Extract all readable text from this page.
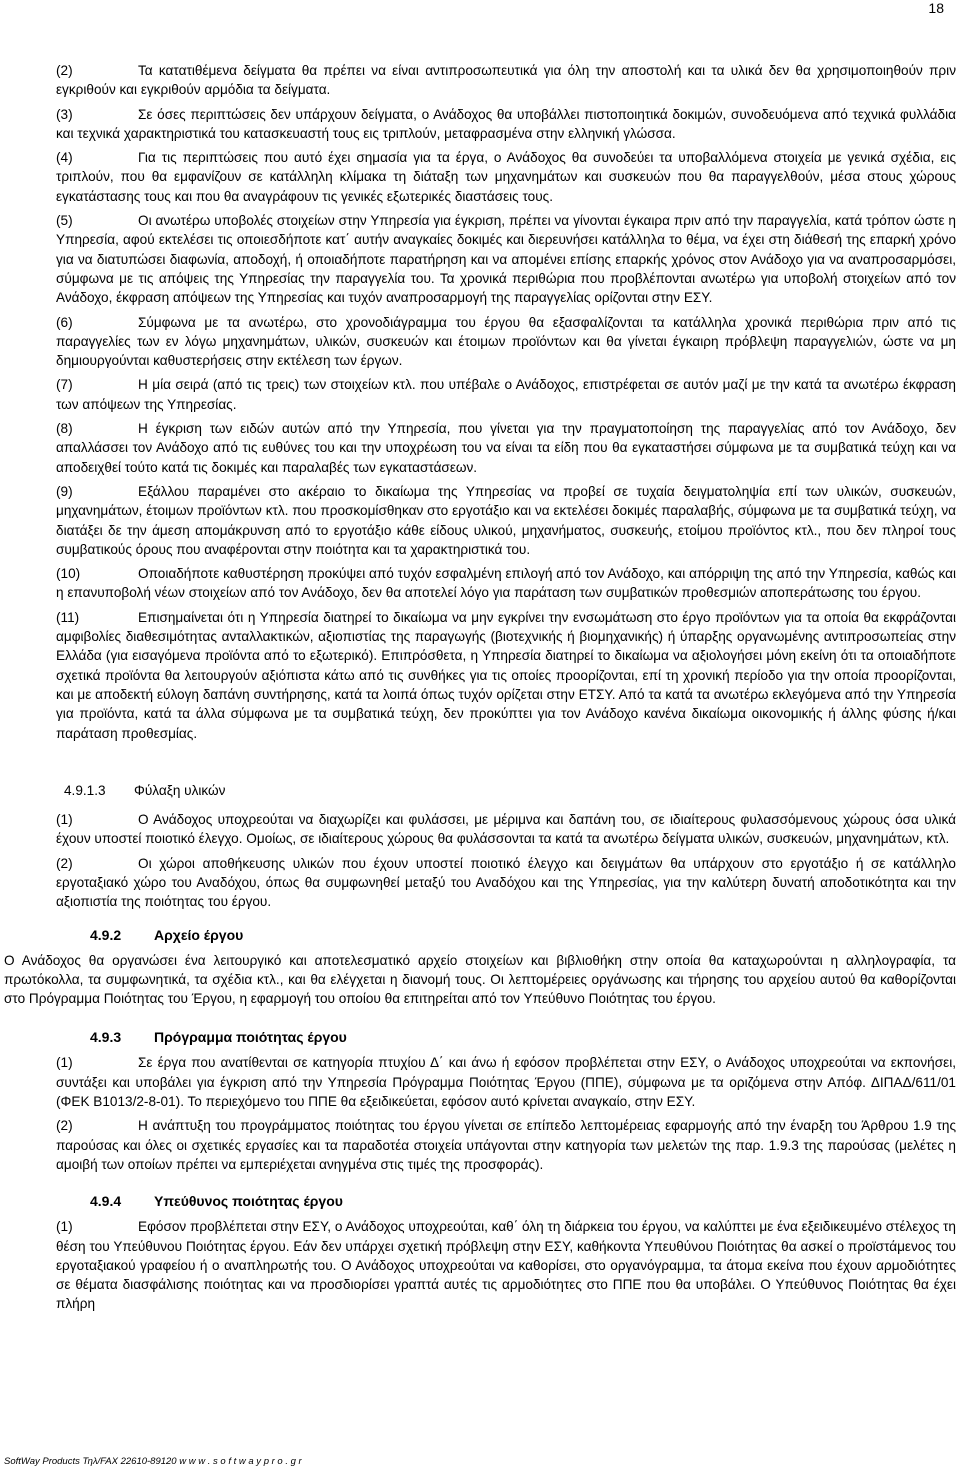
18

(2)	Τα κατατιθέμενα δείγματα θα πρέπει να είναι αντιπροσωπευτικά για όλη την αποστολή και τα υλικά δεν θα χρησιμοποιηθούν πριν εγκριθούν και εγκριθούν αρμόδια τα δείγματα.

(3)	Σε όσες περιπτώσεις δεν υπάρχουν δείγματα, ο Ανάδοχος θα υποβάλλει πιστοποιητικά δοκιμών, συνοδευόμενα από τεχνικά φυλλάδια και τεχνικά χαρακτηριστικά του κατασκευαστή τους εις τριπλούν, μεταφρασμένα στην ελληνική γλώσσα.

(4)	Για τις περιπτώσεις που αυτό έχει σημασία για τα έργα, ο Ανάδοχος θα συνοδεύει τα υποβαλλόμενα στοιχεία με γενικά σχέδια, εις τριπλούν, που θα εμφανίζουν σε κατάλληλη κλίμακα τη διάταξη των μηχανημάτων και συσκευών που θα παραγγελθούν, μέσα στους χώρους εγκατάστασης τους και που θα αναγράφουν τις γενικές εξωτερικές διαστάσεις τους.

(5)	Οι ανωτέρω υποβολές στοιχείων στην Υπηρεσία για έγκριση, πρέπει να γίνονται έγκαιρα πριν από την παραγγελία, κατά τρόπον ώστε η Υπηρεσία, αφού εκτελέσει τις οποιεσδήποτε κατ΄ αυτήν αναγκαίες δοκιμές και διερευνήσει κατάλληλα το θέμα, να έχει στη διάθεσή της επαρκή χρόνο για να διατυπώσει διαφωνία, αποδοχή, ή οποιαδήποτε παρατήρηση και να απομένει επίσης επαρκής χρόνος στον Ανάδοχο για να αναπροσαρμόσει, σύμφωνα με τις απόψεις της Υπηρεσίας την παραγγελία του. Τα χρονικά περιθώρια που προβλέπονται ανωτέρω για υποβολή στοιχείων από τον Ανάδοχο, έκφραση απόψεων της Υπηρεσίας και τυχόν αναπροσαρμογή της παραγγελίας ορίζονται στην ΕΣΥ.

(6)	Σύμφωνα με τα ανωτέρω, στο χρονοδιάγραμμα του έργου θα εξασφαλίζονται τα κατάλληλα χρονικά περιθώρια πριν από τις παραγγελίες των εν λόγω μηχανημάτων, υλικών, συσκευών και έτοιμων προϊόντων και θα γίνεται έγκαιρη πρόβλεψη παραγγελιών, ώστε να μη δημιουργούνται καθυστερήσεις στην εκτέλεση των έργων.

(7)	Η μία σειρά (από τις τρεις) των στοιχείων κτλ. που υπέβαλε ο Ανάδοχος, επιστρέφεται σε αυτόν μαζί με την κατά τα ανωτέρω έκφραση των απόψεων της Υπηρεσίας.

(8)	Η έγκριση των ειδών αυτών από την Υπηρεσία, που γίνεται για την πραγματοποίηση της παραγγελίας από τον Ανάδοχο, δεν απαλλάσσει τον Ανάδοχο από τις ευθύνες του και την υποχρέωση του να είναι τα είδη που θα εγκαταστήσει σύμφωνα με τα συμβατικά τεύχη και να αποδειχθεί τούτο κατά τις δοκιμές και παραλαβές των εγκαταστάσεων.

(9)	Εξάλλου παραμένει στο ακέραιο το δικαίωμα της Υπηρεσίας να προβεί σε τυχαία δειγματοληψία επί των υλικών, συσκευών, μηχανημάτων, έτοιμων προϊόντων κτλ. που προσκομίσθηκαν στο εργοτάξιο και να εκτελέσει δοκιμές παραλαβής, σύμφωνα με τα συμβατικά τεύχη, να διατάξει δε την άμεση απομάκρυνση από το εργοτάξιο κάθε είδους υλικού, μηχανήματος, συσκευής, ετοίμου προϊόντος κτλ., που δεν πληροί τους συμβατικούς όρους που αναφέρονται στην ποιότητα και τα χαρακτηριστικά του.

(10)	Οποιαδήποτε καθυστέρηση προκύψει από τυχόν εσφαλμένη επιλογή από τον Ανάδοχο, και απόρριψη της από την Υπηρεσία, καθώς και η επανυποβολή νέων στοιχείων από τον Ανάδοχο, δεν θα αποτελεί λόγο για παράταση των συμβατικών προθεσμιών αποπεράτωσης του έργου.

(11)	Επισημαίνεται ότι η Υπηρεσία διατηρεί το δικαίωμα να μην εγκρίνει την ενσωμάτωση στο έργο προϊόντων για τα οποία θα εκφράζονται αμφιβολίες διαθεσιμότητας ανταλλακτικών, αξιοπιστίας της παραγωγής (βιοτεχνικής ή βιομηχανικής) ή ύπαρξης οργανωμένης αντιπροσωπείας στην Ελλάδα (για εισαγόμενα προϊόντα από το εξωτερικό). Επιπρόσθετα, η Υπηρεσία διατηρεί το δικαίωμα να αξιολογήσει μόνη εκείνη ότι τα οποιαδήποτε σχετικά προϊόντα θα λειτουργούν αξιόπιστα κάτω από τις συνθήκες για τις οποίες προορίζονται, επί τη χρονική περίοδο για την οποία προορίζονται, και με αποδεκτή εύλογη δαπάνη συντήρησης, κατά τα λοιπά όπως τυχόν ορίζεται στην ΕΤΣΥ. Από τα κατά τα ανωτέρω εκλεγόμενα από την Υπηρεσία για προϊόντα, κατά τα άλλα σύμφωνα με τα συμβατικά τεύχη, δεν προκύπτει για τον Ανάδοχο κανένα δικαίωμα οικονομικής ή άλλης φύσης ή/και παράταση προθεσμίας.

4.9.1.3 Φύλαξη υλικών

(1)	Ο Ανάδοχος υποχρεούται να διαχωρίζει και φυλάσσει, με μέριμνα και δαπάνη του, σε ιδιαίτερους φυλασσόμενους χώρους όσα υλικά έχουν υποστεί ποιοτικό έλεγχο. Ομοίως, σε ιδιαίτερους χώρους θα φυλάσσονται τα κατά τα ανωτέρω δείγματα υλικών, συσκευών, μηχανημάτων, κτλ.

(2)	Οι χώροι αποθήκευσης υλικών που έχουν υποστεί ποιοτικό έλεγχο και δειγμάτων θα υπάρχουν στο εργοτάξιο ή σε κατάλληλο εργοταξιακό χώρο του Αναδόχου, όπως θα συμφωνηθεί μεταξύ του Αναδόχου και της Υπηρεσίας, για την καλύτερη δυνατή αποδοτικότητα και την αξιοπιστία της ποιότητας του έργου.

4.9.2 Αρχείο έργου

Ο Ανάδοχος θα οργανώσει ένα λειτουργικό και αποτελεσματικό αρχείο στοιχείων και βιβλιοθήκη στην οποία θα καταχωρούνται η αλληλογραφία, τα πρωτόκολλα, τα συμφωνητικά, τα σχέδια κτλ., και θα ελέγχεται η διανομή τους. Οι λεπτομέρειες οργάνωσης και τήρησης του αρχείου αυτού θα καθορίζονται στο Πρόγραμμα Ποιότητας του Έργου, η εφαρμογή του οποίου θα επιτηρείται από τον Υπεύθυνο Ποιότητας του έργου.

4.9.3 Πρόγραμμα ποιότητας έργου

(1)	Σε έργα που ανατίθενται σε κατηγορία πτυχίου Δ΄ και άνω ή εφόσον προβλέπεται στην ΕΣΥ, ο Ανάδοχος υποχρεούται να εκπονήσει, συντάξει και υποβάλει για έγκριση από την Υπηρεσία Πρόγραμμα Ποιότητας Έργου (ΠΠΕ), σύμφωνα με τα οριζόμενα στην Απόφ. ΔΙΠΑΔ/611/01 (ΦΕΚ Β1013/2-8-01). Το περιεχόμενο του ΠΠΕ θα εξειδικεύεται, εφόσον αυτό κρίνεται αναγκαίο, στην ΕΣΥ.

(2)	Η ανάπτυξη του προγράμματος ποιότητας του έργου γίνεται σε επίπεδο λεπτομέρειας εφαρμογής από την έναρξη του Άρθρου 1.9 της παρούσας και όλες οι σχετικές εργασίες και τα παραδοτέα στοιχεία υπάγονται στην κατηγορία των μελετών της παρ. 1.9.3 της παρούσας (μελέτες η αμοιβή των οποίων πρέπει να εμπεριέχεται ανηγμένα στις τιμές της προσφοράς).

4.9.4 Υπεύθυνος ποιότητας έργου

(1)	Εφόσον προβλέπεται στην ΕΣΥ, ο Ανάδοχος υποχρεούται, καθ΄ όλη τη διάρκεια του έργου, να καλύπτει με ένα εξειδικευμένο στέλεχος τη θέση του Υπεύθυνου Ποιότητας έργου. Εάν δεν υπάρχει σχετική πρόβλεψη στην ΕΣΥ, καθήκοντα Υπευθύνου Ποιότητας θα ασκεί ο προϊστάμενος του εργοταξιακού γραφείου ή ο αναπληρωτής του. Ο Ανάδοχος υποχρεούται να καθορίσει, στο οργανόγραμμα, τα άτομα εκείνα που έχουν αρμοδιότητες σε θέματα διασφάλισης ποιότητας και να προσδιορίσει γραπτά αυτές τις αρμοδιότητες στο ΠΠΕ που θα υποβάλει. Ο Υπεύθυνος Ποιότητας θα έχει πλήρη

SoftWay Products Τηλ/FAX 22610-89120 w w w . s o f t w a y p r o . g r
